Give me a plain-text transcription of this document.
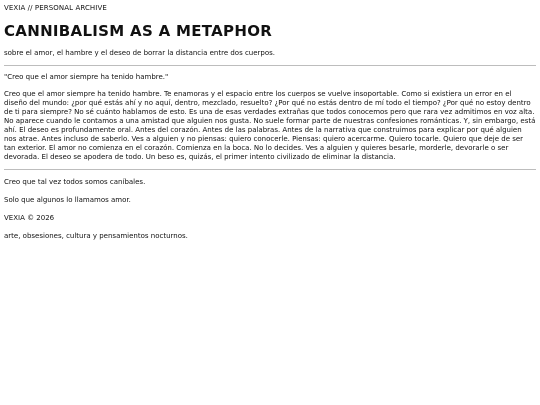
VEXIA // PERSONAL ARCHIVE

CANNIBALISM AS A METAPHOR

sobre el amor, el hambre y el deseo de borrar la distancia entre dos cuerpos.

"Creo que el amor siempre ha tenido hambre."

Creo que el amor siempre ha tenido hambre. Te enamoras y el espacio entre los cuerpos se vuelve insoportable. Como si existiera un error en el diseño del mundo: ¿por qué estás ahí y no aquí, dentro, mezclado, resuelto? ¿Por qué no estás dentro de mí todo el tiempo? ¿Por qué no estoy dentro de ti para siempre? No sé cuánto hablamos de esto. Es una de esas verdades extrañas que todos conocemos pero que rara vez admitimos en voz alta. No aparece cuando le contamos a una amistad que alguien nos gusta. No suele formar parte de nuestras confesiones románticas. Y, sin embargo, está ahí. El deseo es profundamente oral. Antes del corazón. Antes de las palabras. Antes de la narrativa que construimos para explicar por qué alguien nos atrae. Antes incluso de saberlo. Ves a alguien y no piensas: quiero conocerle. Piensas: quiero acercarme. Quiero tocarle. Quiero que deje de ser tan exterior. El amor no comienza en el corazón. Comienza en la boca. No lo decides. Ves a alguien y quieres besarle, morderle, devorarle o ser devorada. El deseo se apodera de todo. Un beso es, quizás, el primer intento civilizado de eliminar la distancia.

Creo que tal vez todos somos caníbales.

Solo que algunos lo llamamos amor.

VEXIA © 2026

arte, obsesiones, cultura y pensamientos nocturnos.
